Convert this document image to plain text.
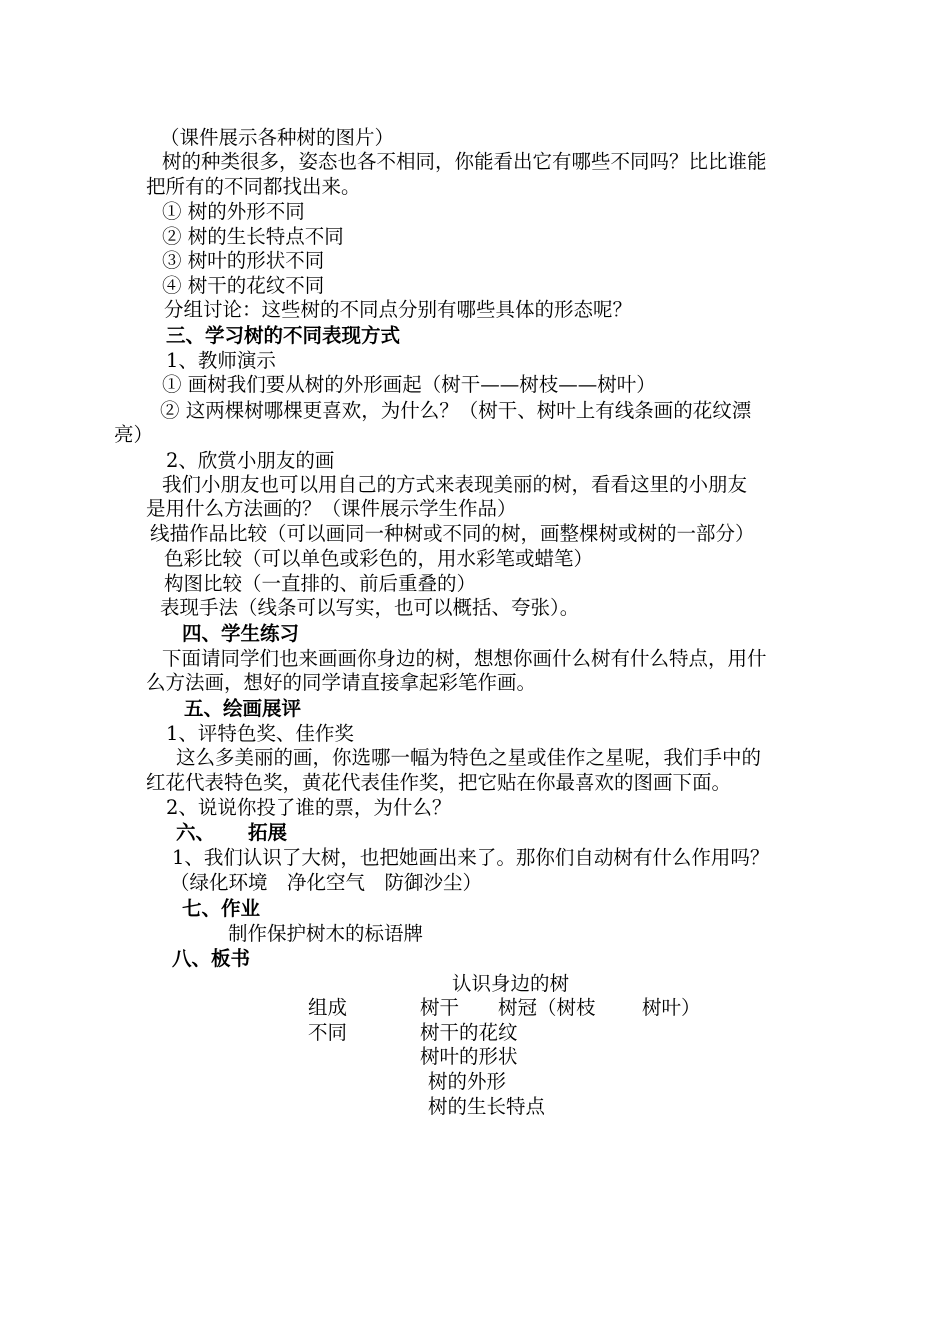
（课件展示各种树的图片）
树的种类很多，姿态也各不相同，你能看出它有哪些不同吗？比比谁能
把所有的不同都找出来。
① 树的外形不同
② 树的生长特点不同
③ 树叶的形状不同
④ 树干的花纹不同
分组讨论：这些树的不同点分别有哪些具体的形态呢？
三、学习树的不同表现方式
1、教师演示
① 画树我们要从树的外形画起（树干——树枝——树叶）
② 这两棵树哪棵更喜欢，为什么？（树干、树叶上有线条画的花纹漂
亮）
2、欣赏小朋友的画
我们小朋友也可以用自己的方式来表现美丽的树，看看这里的小朋友
是用什么方法画的？（课件展示学生作品）
线描作品比较（可以画同一种树或不同的树，画整棵树或树的一部分）
色彩比较（可以单色或彩色的，用水彩笔或蜡笔）
构图比较（一直排的、前后重叠的）
表现手法（线条可以写实，也可以概括、夸张）。
四、学生练习
下面请同学们也来画画你身边的树，想想你画什么树有什么特点，用什
么方法画，想好的同学请直接拿起彩笔作画。
五、绘画展评
1、评特色奖、佳作奖
这么多美丽的画，你选哪一幅为特色之星或佳作之星呢，我们手中的
红花代表特色奖，黄花代表佳作奖，把它贴在你最喜欢的图画下面。
2、说说你投了谁的票，为什么？
六、 拓展
1、我们认识了大树，也把她画出来了。那你们自动树有什么作用吗？
（绿化环境　净化空气　防御沙尘）
七、作业
制作保护树木的标语牌
八、板书
认识身边的树
组成	树干 树冠（树枝 树叶）
不同	树干的花纹
树叶的形状
树的外形
树的生长特点
